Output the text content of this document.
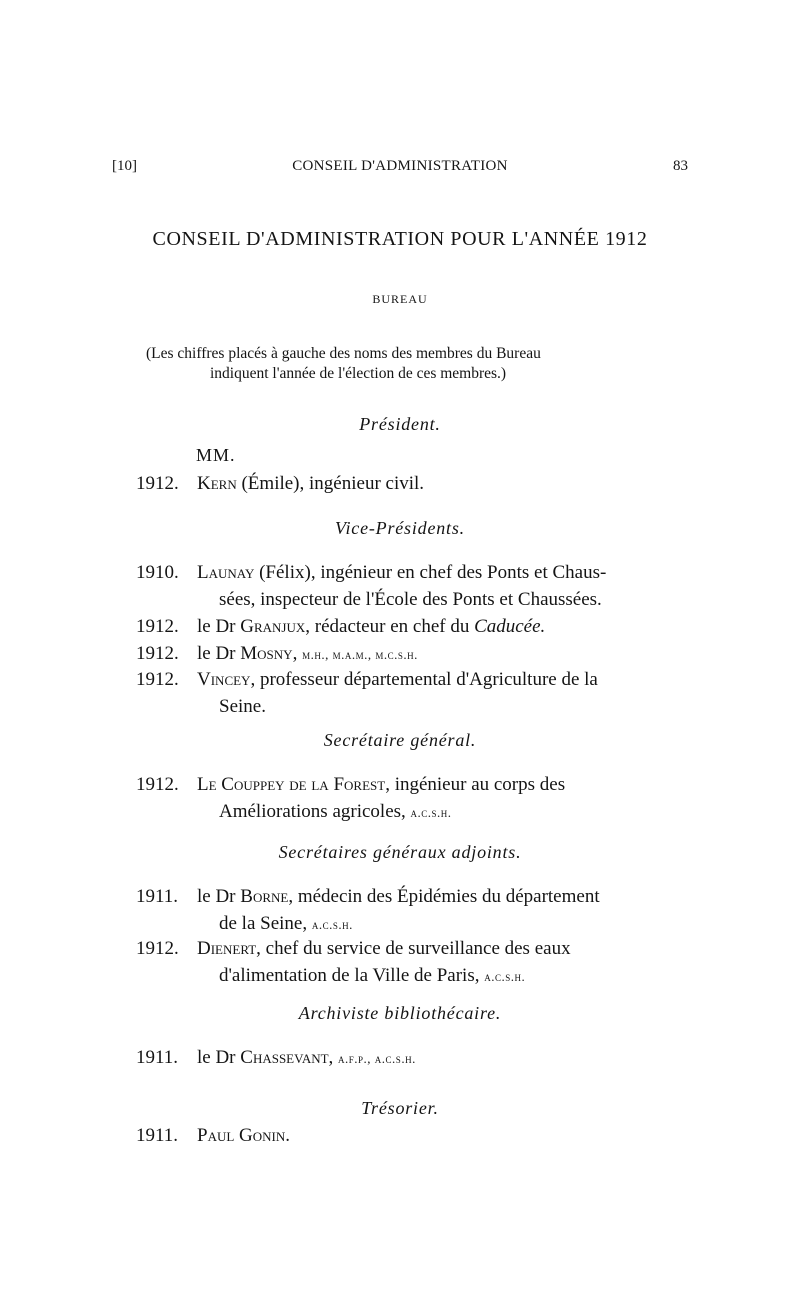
[10]	CONSEIL D'ADMINISTRATION	83
CONSEIL D'ADMINISTRATION POUR L'ANNÉE 1912
BUREAU
(Les chiffres placés à gauche des noms des membres du Bureau
indiquent l'année de l'élection de ces membres.)
Président.
MM.
1912. Kern (Émile), ingénieur civil.
Vice-Présidents.
1910. Launay (Félix), ingénieur en chef des Ponts et Chaus-
sées, inspecteur de l'École des Ponts et Chaussées.
1912. le Dr Granjux, rédacteur en chef du Caducée.
1912. le Dr Mosny, m.h., m.a.m., m.c.s.h.
1912. Vincey, professeur départemental d'Agriculture de la
Seine.
Secrétaire général.
1912. Le Couppey de la Forest, ingénieur au corps des
Améliorations agricoles, a.c.s.h.
Secrétaires généraux adjoints.
1911. le Dr Borne, médecin des Épidémies du département
de la Seine, a.c.s.h.
1912. Dienert, chef du service de surveillance des eaux
d'alimentation de la Ville de Paris, a.c.s.h.
Archiviste bibliothécaire.
1911. le Dr Chassevant, a.f.p., a.c.s.h.
Trésorier.
1911. Paul Gonin.
